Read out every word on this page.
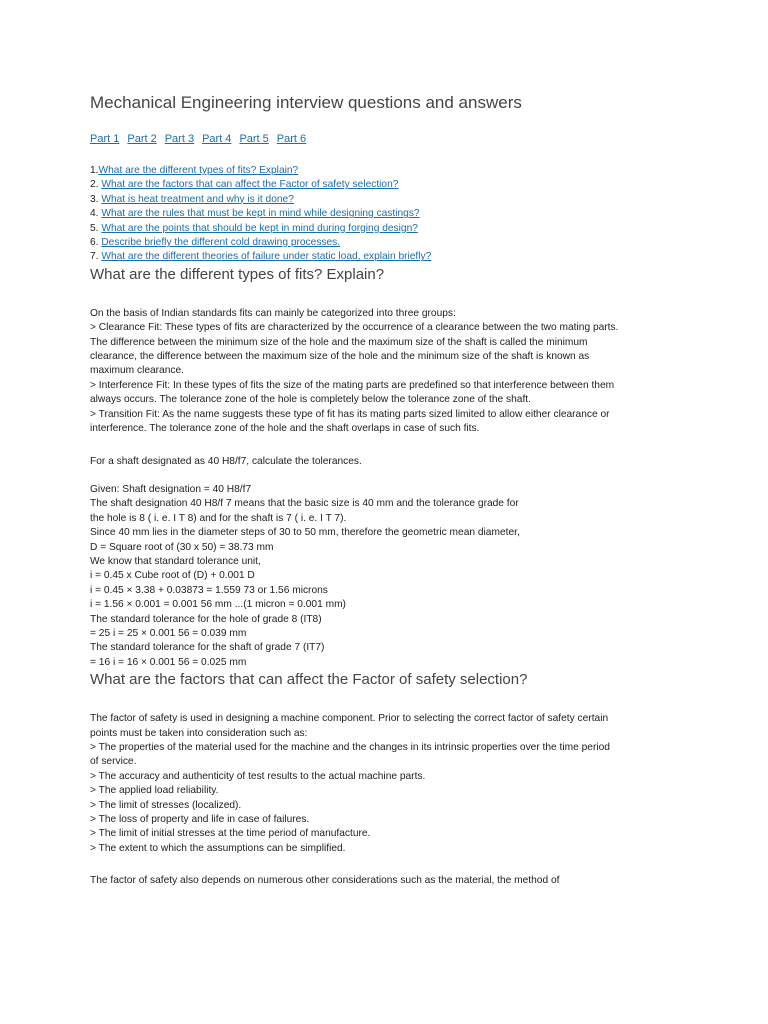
Mechanical Engineering interview questions and answers
Part 1 Part 2 Part 3 Part 4 Part 5 Part 6
1.What are the different types of fits? Explain?
2. What are the factors that can affect the Factor of safety selection?
3. What is heat treatment and why is it done?
4. What are the rules that must be kept in mind while designing castings?
5. What are the points that should be kept in mind during forging design?
6. Describe briefly the different cold drawing processes.
7. What are the different theories of failure under static load, explain briefly?
What are the different types of fits? Explain?
On the basis of Indian standards fits can mainly be categorized into three groups:
> Clearance Fit: These types of fits are characterized by the occurrence of a clearance between the two mating parts.
The difference between the minimum size of the hole and the maximum size of the shaft is called the minimum
clearance, the difference between the maximum size of the hole and the minimum size of the shaft is known as
maximum clearance.
> Interference Fit: In these types of fits the size of the mating parts are predefined so that interference between them
always occurs. The tolerance zone of the hole is completely below the tolerance zone of the shaft.
> Transition Fit: As the name suggests these type of fit has its mating parts sized limited to allow either clearance or
interference. The tolerance zone of the hole and the shaft overlaps in case of such fits.
For a shaft designated as 40 H8/f7, calculate the tolerances.
Given: Shaft designation = 40 H8/f7
The shaft designation 40 H8/f 7 means that the basic size is 40 mm and the tolerance grade for
the hole is 8 ( i. e. I T 8) and for the shaft is 7 ( i. e. I T 7).
Since 40 mm lies in the diameter steps of 30 to 50 mm, therefore the geometric mean diameter,
D = Square root of (30 x 50) = 38.73 mm
We know that standard tolerance unit,
i = 0.45 x Cube root of (D) + 0.001 D
i = 0.45 × 3.38 + 0.03873 = 1.559 73 or 1.56 microns
i = 1.56 × 0.001 = 0.001 56 mm ...(1 micron = 0.001 mm)
The standard tolerance for the hole of grade 8 (IT8)
= 25 i = 25 × 0.001 56 = 0.039 mm
The standard tolerance for the shaft of grade 7 (IT7)
= 16 i = 16 × 0.001 56 = 0.025 mm
What are the factors that can affect the Factor of safety selection?
The factor of safety is used in designing a machine component. Prior to selecting the correct factor of safety certain
points must be taken into consideration such as:
> The properties of the material used for the machine and the changes in its intrinsic properties over the time period
of service.
> The accuracy and authenticity of test results to the actual machine parts.
> The applied load reliability.
> The limit of stresses (localized).
> The loss of property and life in case of failures.
> The limit of initial stresses at the time period of manufacture.
> The extent to which the assumptions can be simplified.
The factor of safety also depends on numerous other considerations such as the material, the method of
